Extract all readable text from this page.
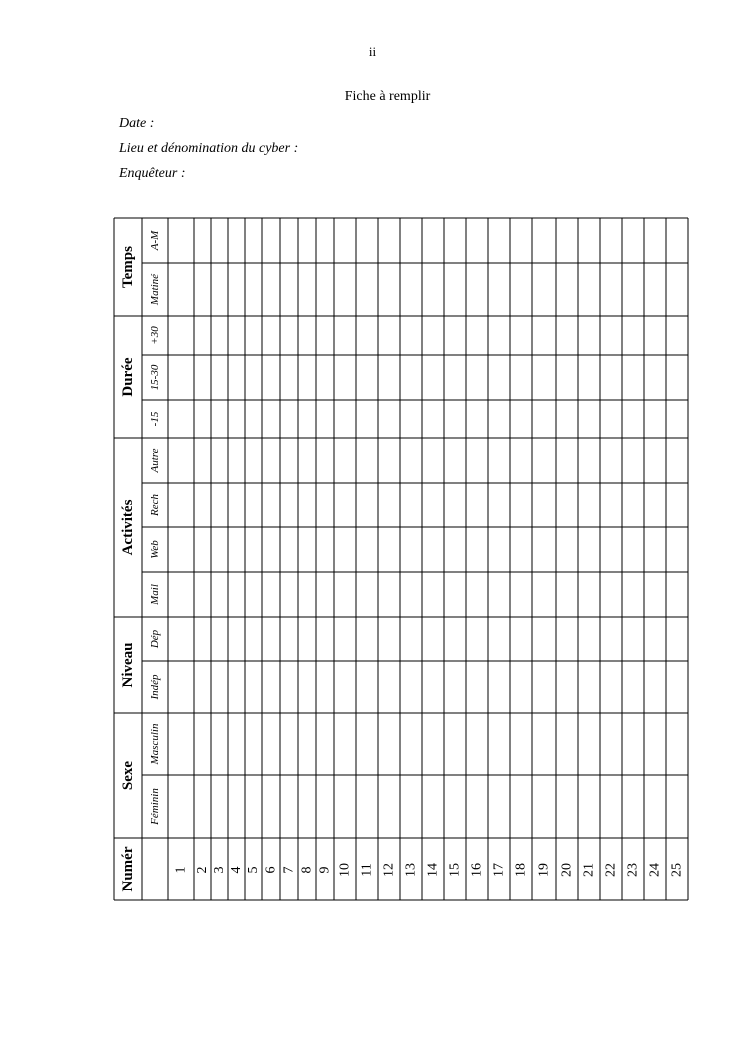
ii
Fiche à remplir
Date :
Lieu et dénomination du cyber :
Enquêteur :
Numér
Sexe
Féminin
Masculin
Niveau Indép
Dép
Activités
Mail
Web
Rech
Autre
Durée
-15
15-30
+30
Temps
Matiné
A-M
1 2 3 4 5 6 7 8 9 10 11 12 13 14 15 16 17 18 19 20 21 22 23 24 25
